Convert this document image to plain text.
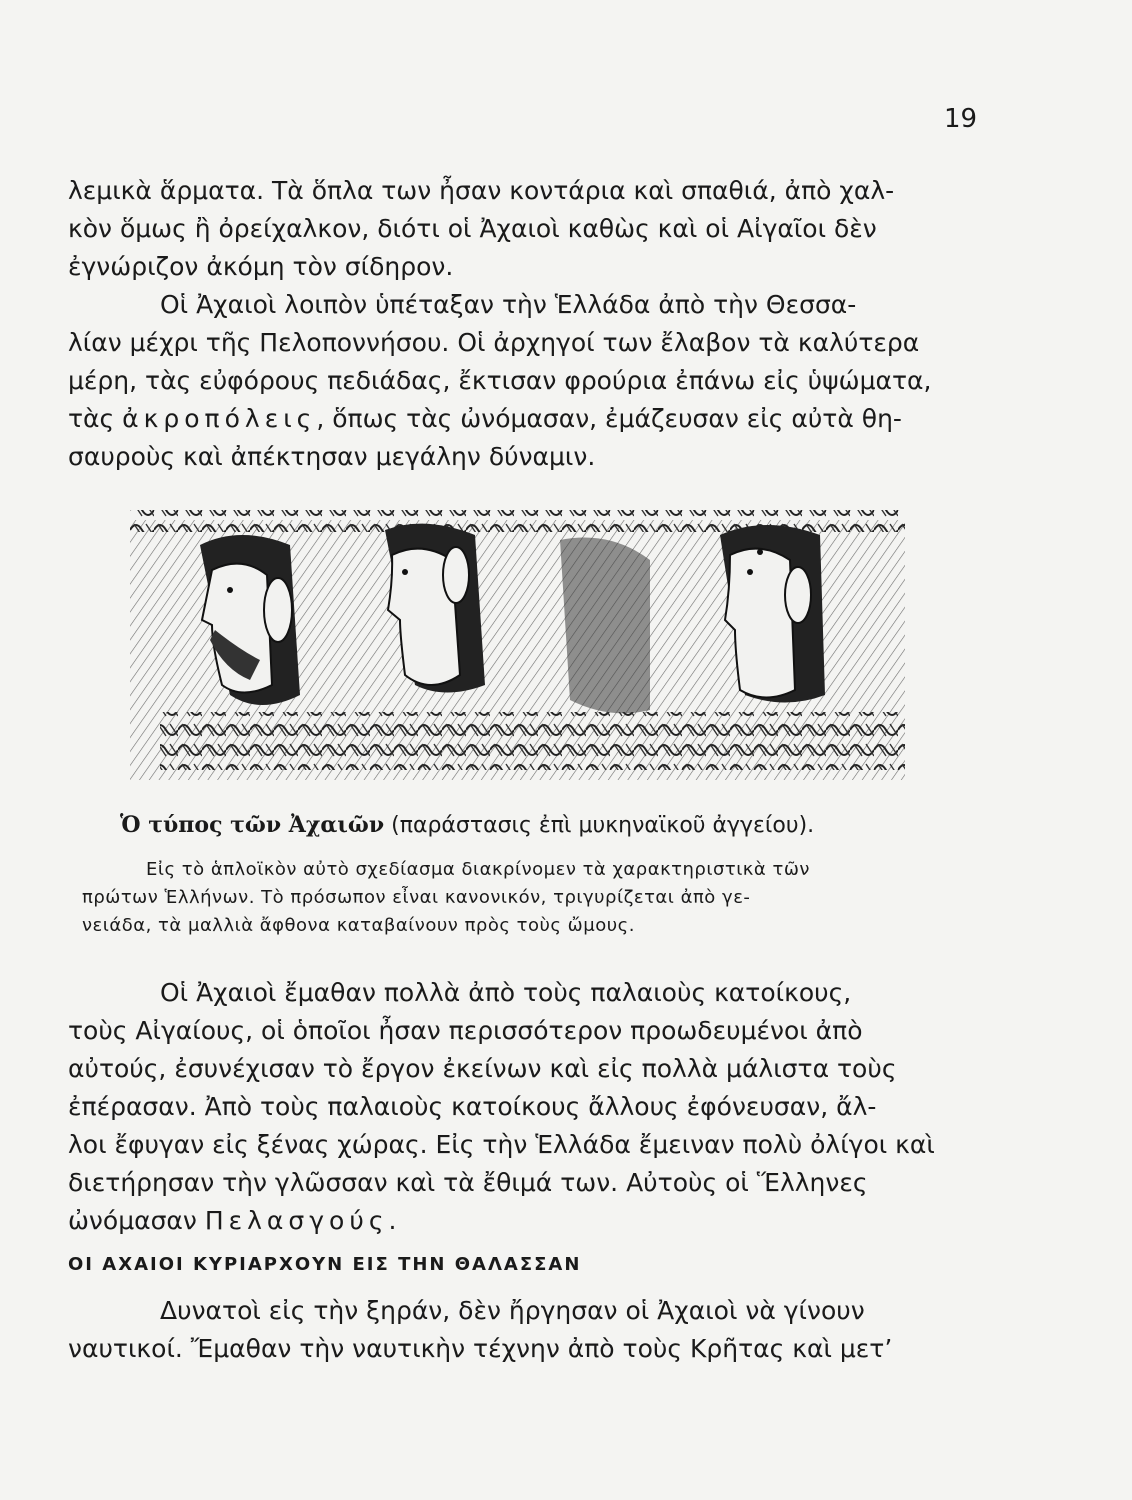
19
λεμικὰ ἅρματα. Τὰ ὅπλα των ἦσαν κοντάρια καὶ σπαθιά, ἀπὸ χαλ-
κὸν ὅμως ἢ ὀρείχαλκον, διότι οἱ Ἀχαιοὶ καθὼς καὶ οἱ Αἰγαῖοι δὲν
ἐγνώριζον ἀκόμη τὸν σίδηρον.
Οἱ Ἀχαιοὶ λοιπὸν ὑπέταξαν τὴν Ἑλλάδα ἀπὸ τὴν Θεσσα-
λίαν μέχρι τῆς Πελοποννήσου. Οἱ ἀρχηγοί των ἔλαβον τὰ καλύτερα
μέρη, τὰς εὐφόρους πεδιάδας, ἔκτισαν φρούρια ἐπάνω εἰς ὑψώματα,
τὰς ἀκροπόλεις, ὅπως τὰς ὠνόμασαν, ἐμάζευσαν εἰς αὐτὰ θη-
σαυροὺς καὶ ἀπέκτησαν μεγάλην δύναμιν.
Ὁ τύπος τῶν Ἀχαιῶν (παράστασις ἐπὶ μυκηναϊκοῦ ἀγγείου).
Εἰς τὸ ἁπλοϊκὸν αὐτὸ σχεδίασμα διακρίνομεν τὰ χαρακτηριστικὰ τῶν
πρώτων Ἑλλήνων. Τὸ πρόσωπον εἶναι κανονικόν, τριγυρίζεται ἀπὸ γε-
νειάδα, τὰ μαλλιὰ ἄφθονα καταβαίνουν πρὸς τοὺς ὤμους.
Οἱ Ἀχαιοὶ ἔμαθαν πολλὰ ἀπὸ τοὺς παλαιοὺς κατοίκους,
τοὺς Αἰγαίους, οἱ ὁποῖοι ἦσαν περισσότερον προωδευμένοι ἀπὸ
αὐτούς, ἐσυνέχισαν τὸ ἔργον ἐκείνων καὶ εἰς πολλὰ μάλιστα τοὺς
ἐπέρασαν. Ἀπὸ τοὺς παλαιοὺς κατοίκους ἄλλους ἐφόνευσαν, ἄλ-
λοι ἔφυγαν εἰς ξένας χώρας. Εἰς τὴν Ἑλλάδα ἔμειναν πολὺ ὀλίγοι καὶ
διετήρησαν τὴν γλῶσσαν καὶ τὰ ἔθιμά των. Αὐτοὺς οἱ Ἕλληνες
ὠνόμασαν Πελασγούς.
ΟΙ ΑΧΑΙΟΙ ΚΥΡΙΑΡΧΟΥΝ ΕΙΣ ΤΗΝ ΘΑΛΑΣΣΑΝ
Δυνατοὶ εἰς τὴν ξηράν, δὲν ἤργησαν οἱ Ἀχαιοὶ νὰ γίνουν
ναυτικοί. Ἔμαθαν τὴν ναυτικὴν τέχνην ἀπὸ τοὺς Κρῆτας καὶ μετ’
